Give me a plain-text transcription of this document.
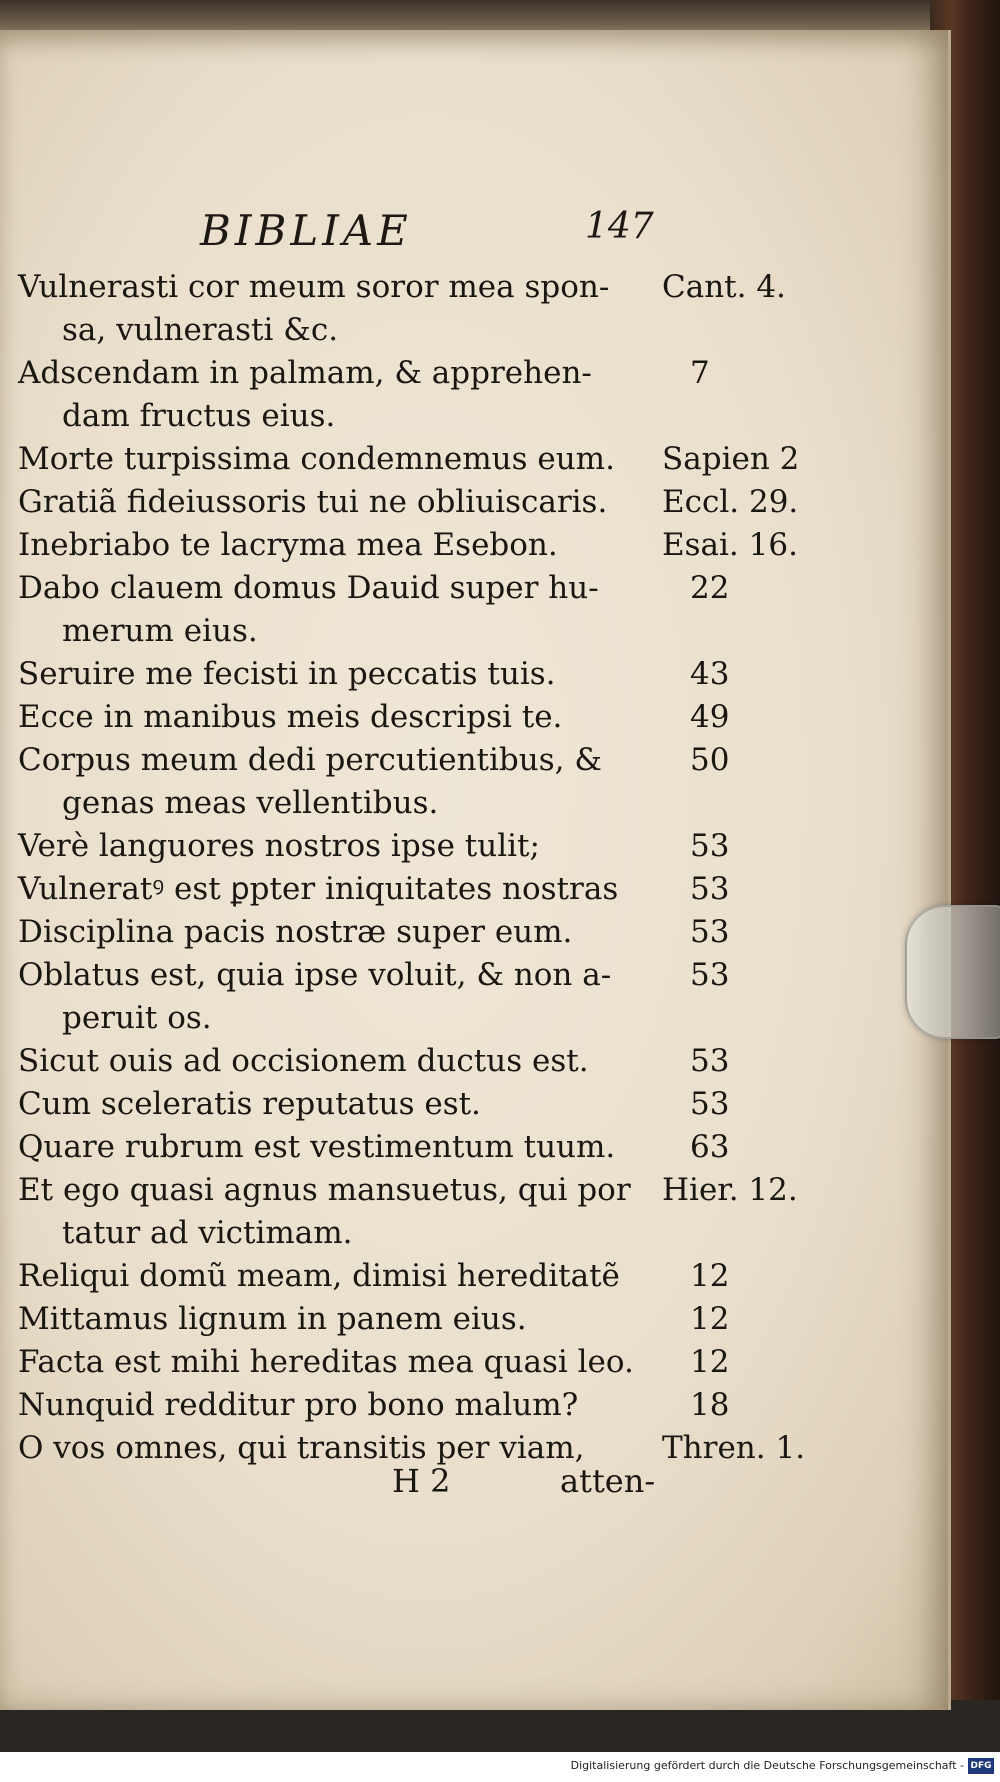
BIBLIAE	147
Vulnerasti cor meum soror mea spon- Cant. 4.
sa, vulnerasti &c.
Adscendam in palmam, & apprehen-	7
dam fructus eius.
Morte turpissima condemnemus eum. Sapien 2
Gratiã fideiussoris tui ne obliuiscaris. Eccl. 29.
Inebriabo te lacryma mea Esebon.	Esai. 16.
Dabo clauem domus Dauid super hu-	22
merum eius.
Seruire me fecisti in peccatis tuis.	43
Ecce in manibus meis descripsi te.	49
Corpus meum dedi percutientibus, &	50
genas meas vellentibus.
Verè languores nostros ipse tulit;	53
Vulneratꝰ est ꝑpter iniquitates nostras 53
Disciplina pacis nostræ super eum.	53
Oblatus est, quia ipse voluit, & non a-	53
peruit os.
Sicut ouis ad occisionem ductus est.	53
Cum sceleratis reputatus est.	53
Quare rubrum est vestimentum tuum. 63
Et ego quasi agnus mansuetus, qui por Hier. 12.
tatur ad victimam.
Reliqui domũ meam, dimisi hereditatẽ 12
Mittamus lignum in panem eius.	12
Facta est mihi hereditas mea quasi leo. 12
Nunquid redditur pro bono malum?	18
O vos omnes, qui transitis per viam,	Thren. 1.
H 2	atten-
Digitalisierung gefördert durch die Deutsche Forschungsgemeinschaft - DFG
